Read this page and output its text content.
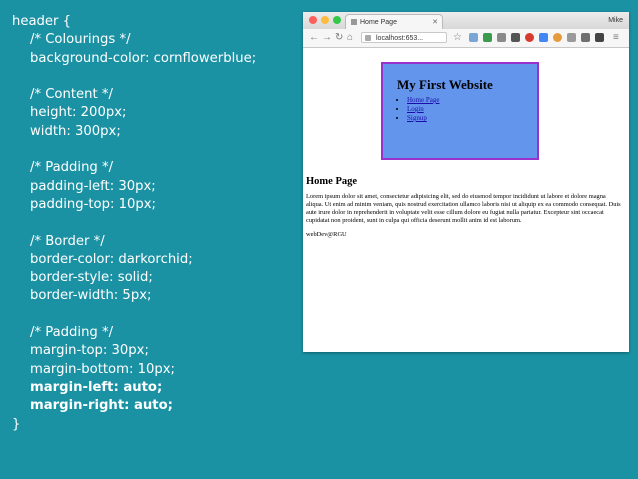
header {
/* Colourings */
background-color: cornflowerblue;
/* Content */
height: 200px;
width: 300px;
/* Padding */
padding-left: 30px;
padding-top: 10px;
/* Border */
border-color: darkorchid;
border-style: solid;
border-width: 5px;
/* Padding */
margin-top: 30px;
margin-bottom: 10px;
margin-left: auto;
margin-right: auto;
}
Home Page	✕	Mike
← → ↻ ⌂	localhost:653...	☆	≡
My First Website
• Home Page
• Login
• Signup
Home Page
Lorem ipsum dolor sit amet, consectetur adipisicing elit, sed do eiusmod tempor incididunt ut labore et dolore magna aliqua. Ut enim ad minim veniam, quis nostrud exercitation ullamco laboris nisi ut aliquip ex ea commodo consequat. Duis aute irure dolor in reprehenderit in voluptate velit esse cillum dolore eu fugiat nulla pariatur. Excepteur sint occaecat cupidatat non proident, sunt in culpa qui officia deserunt mollit anim id est laborum.
webDev@RGU
